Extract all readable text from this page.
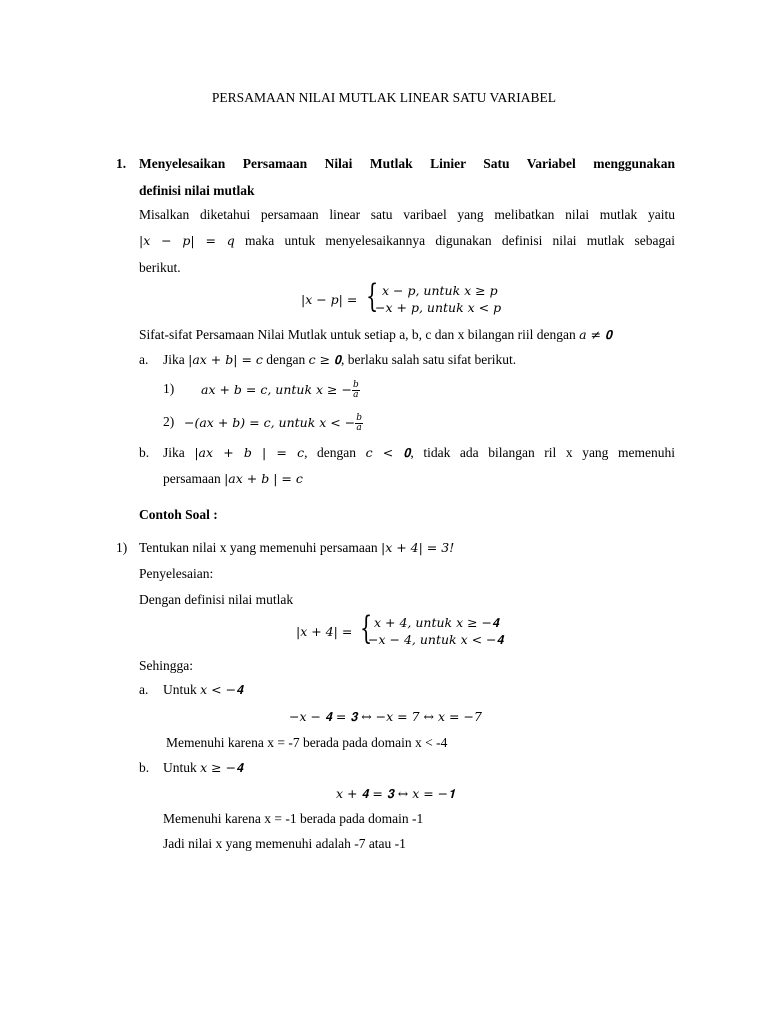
PERSAMAAN NILAI MUTLAK LINEAR SATU VARIABEL
1. Menyelesaikan Persamaan Nilai Mutlak Linier Satu Variabel menggunakan
definisi nilai mutlak
Misalkan diketahui persamaan linear satu varibael yang melibatkan nilai mutlak yaitu
|𝑥 − 𝑝| = 𝑞 maka untuk menyelesaikannya digunakan definisi nilai mutlak sebagai
berikut.
|𝑥 − 𝑝| = { 𝑥 − 𝑝, 𝑢𝑛𝑡𝑢𝑘 𝑥 ≥ 𝑝
−𝑥 + 𝑝, 𝑢𝑛𝑡𝑢𝑘 𝑥 < 𝑝
Sifat-sifat Persamaan Nilai Mutlak untuk setiap a, b, c dan x bilangan riil dengan 𝑎 ≠ 𝟎
a. Jika |𝑎𝑥 + 𝑏| = 𝑐 dengan 𝑐 ≥ 𝟎, berlaku salah satu sifat berikut.
1) 𝑎𝑥 + 𝑏 = 𝑐, 𝑢𝑛𝑡𝑢𝑘 𝑥 ≥ − $\frac{\text{𝑏}}{\text{𝑎}}$
2) −(𝑎𝑥 + 𝑏) = 𝑐, 𝑢𝑛𝑡𝑢𝑘 𝑥 < − $\frac{\text{𝑏}}{\text{𝑎}}$
b. Jika |𝑎𝑥 + 𝑏 | = 𝑐, dengan 𝑐 < 𝟎, tidak ada bilangan ril x yang memenuhi
persamaan |𝑎𝑥 + 𝑏 | = 𝑐
Contoh Soal :
1) Tentukan nilai x yang memenuhi persamaan |𝑥 + 4| = 3!
Penyelesaian:
Dengan definisi nilai mutlak
|𝑥 + 4| = { 𝑥 + 4, 𝑢𝑛𝑡𝑢𝑘 𝑥 ≥ −𝟒
−𝑥 − 4, 𝑢𝑛𝑡𝑢𝑘 𝑥 < −𝟒
Sehingga:
a. Untuk 𝑥 < −𝟒
−𝑥 − 𝟒 = 𝟑 ↔ −𝑥 = 7 ↔ 𝑥 = −7
Memenuhi karena x = -7 berada pada domain x < -4
b. Untuk 𝑥 ≥ −𝟒
𝑥 + 𝟒 = 𝟑 ↔ 𝑥 = −𝟏
Memenuhi karena x = -1 berada pada domain -1
Jadi nilai x yang memenuhi adalah -7 atau -1
